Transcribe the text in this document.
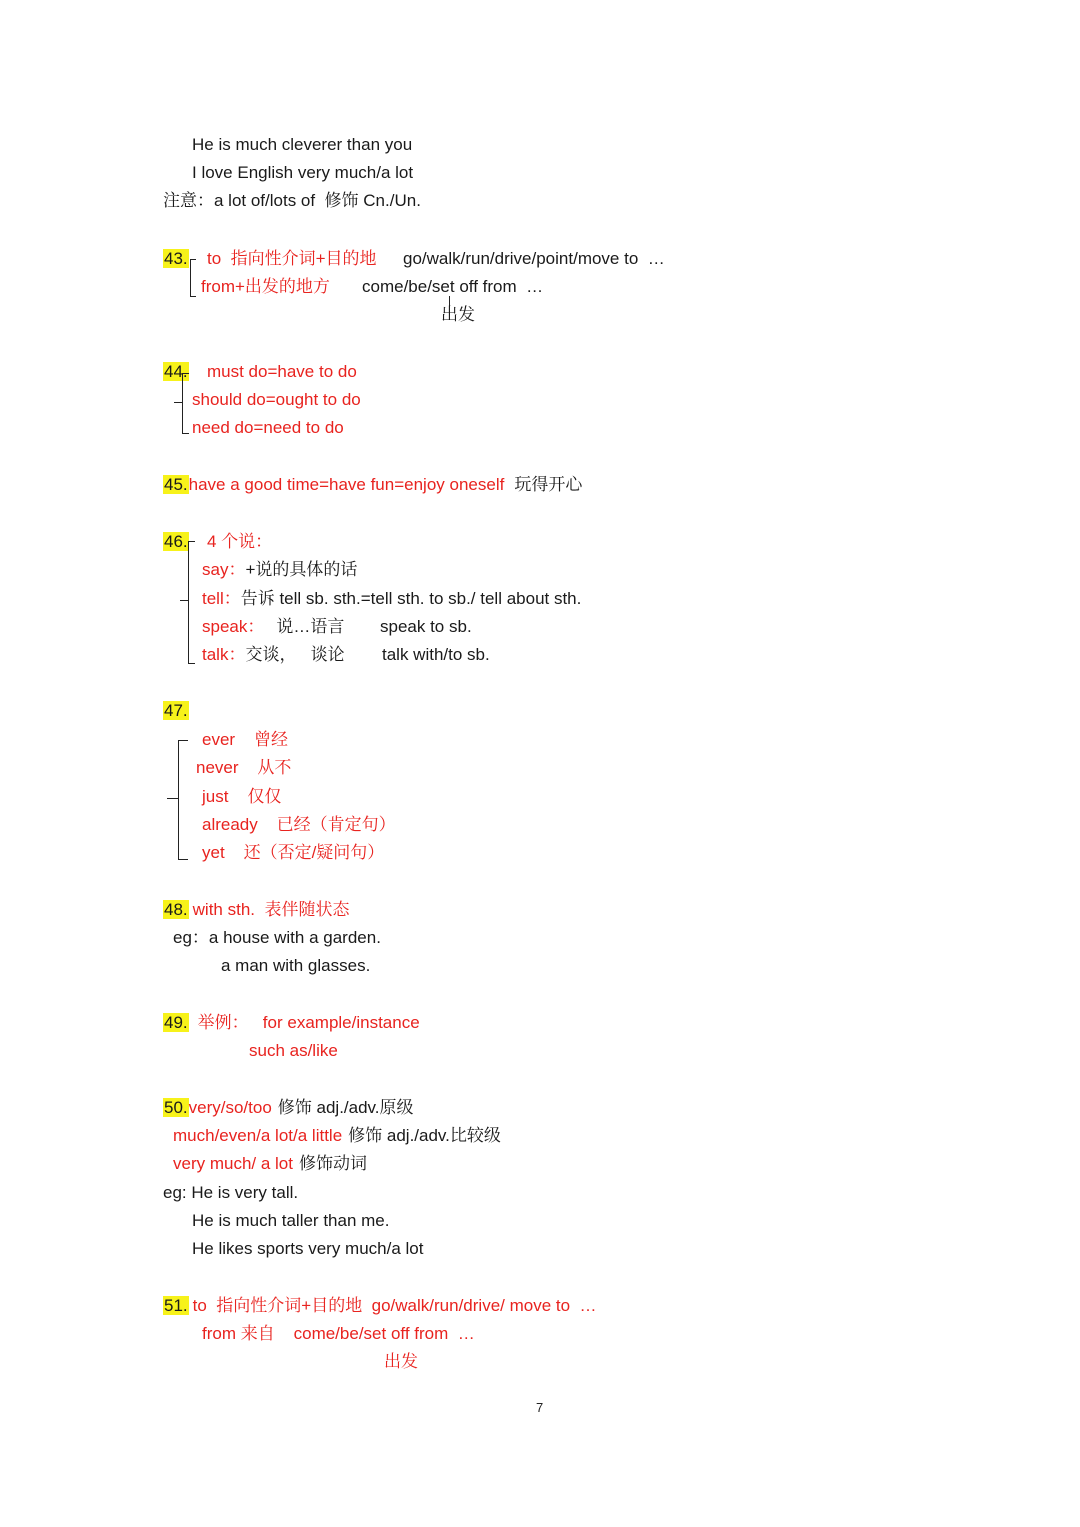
He is much cleverer than you
I love English very much/a lot
注意：a lot of/lots of  修饰 Cn./Un.
43. to  指向性介词+目的地 go/walk/run/drive/point/move to  …
from+出发的地方 come/be/set off from  …
出发
44. must do=have to do
should do=ought to do
need do=need to do
45.have a good time=have fun=enjoy oneself 玩得开心
46. 4 个说：
say：+说的具体的话
tell：告诉 tell sb. sth.=tell sth. to sb./ tell about sth.
speak： 说…语言 speak to sb.
talk：交谈，   谈论 talk with/to sb.
47.
ever    曾经
never    从不
just    仅仅
already    已经（肯定句）
yet    还（否定/疑问句）
48. with sth.  表伴随状态
eg：a house with a garden.
a man with glasses.
49. 举例：   for example/instance
such as/like
50.very/so/too 修饰 adj./adv.原级
much/even/a lot/a little 修饰 adj./adv.比较级
very much/ a lot 修饰动词
eg: He is very tall.
He is much taller than me.
He likes sports very much/a lot
51. to  指向性介词+目的地  go/walk/run/drive/ move to  …
from 来自    come/be/set off from  …
出发
7
